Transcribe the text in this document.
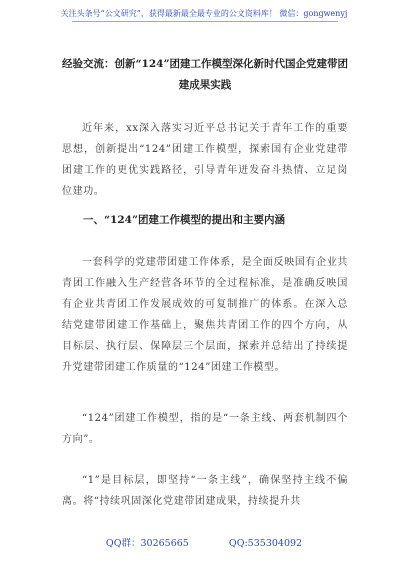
关注头条号“公文研究”，获得最新最全最专业的公文资料库！ 微信：gongwenyj
经验交流：创新“124”团建工作模型深化新时代国企党建带团建成果实践
近年来，xx深入落实习近平总书记关于青年工作的重要思想，创新提出“124”团建工作模型，探索国有企业党建带团建工作的更优实践路径，引导青年迸发奋斗热情、立足岗位建功。
一、“124”团建工作模型的提出和主要内涵
一套科学的党建带团建工作体系，是全面反映国有企业共青团工作融入生产经营各环节的全过程标准，是准确反映国有企业共青团工作发展成效的可复制推广的体系。在深入总结党建带团建工作基础上，聚焦共青团工作的四个方向，从目标层、执行层、保障层三个层面，探索并总结出了持续提升党建带团建工作质量的“124”团建工作模型。
“124”团建工作模型，指的是“一条主线、两套机制四个方向”。
“1”是目标层，即坚持“一条主线”，确保坚持主线不偏离。将“持续巩固深化党建带团建成果，持续提升共
QQ群：30265665	QQ:535304092
